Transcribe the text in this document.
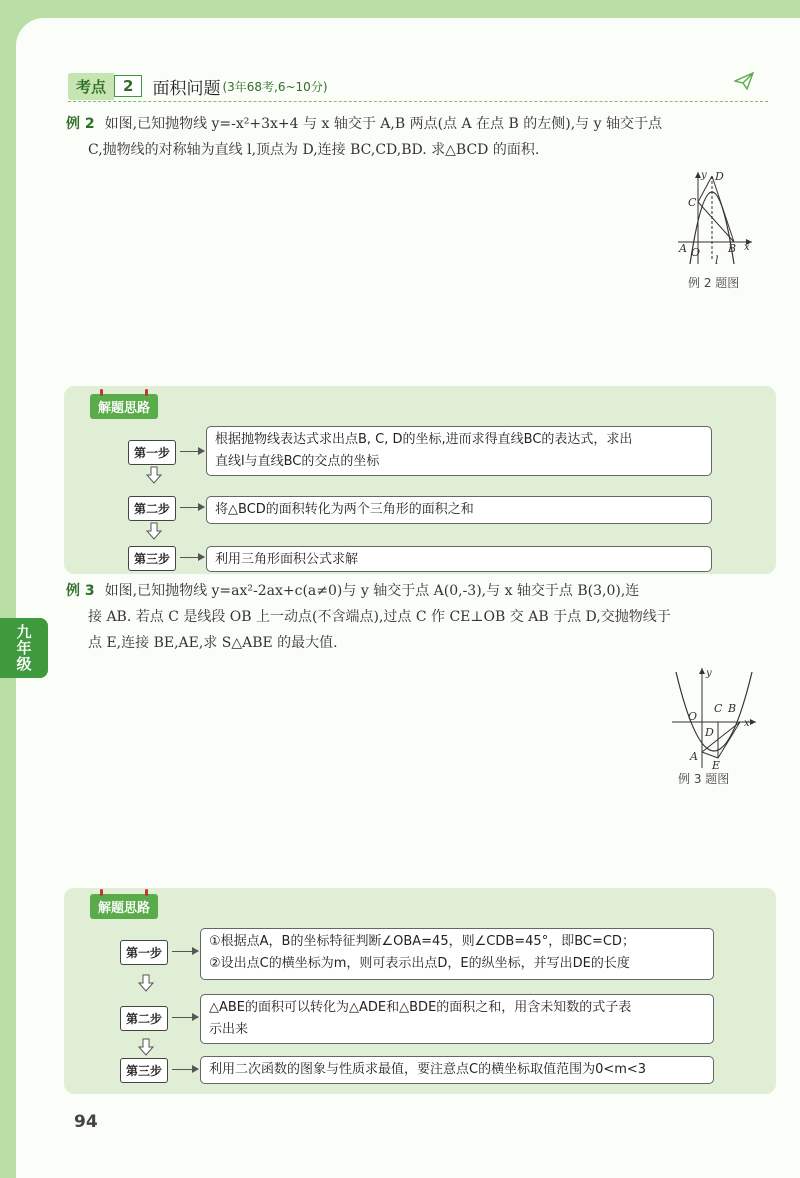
九年级
考点	2	面积问题 (3年68考,6~10分)
例 2 如图,已知抛物线 y=-x²+3x+4 与 x 轴交于 A,B 两点(点 A 在点 B 的左侧),与 y 轴交于点
C,抛物线的对称轴为直线 l,顶点为 D,连接 BC,CD,BD. 求△BCD 的面积.
y D
C
A O	B x
l
例 2 题图
解题思路
第一步
根据抛物线表达式求出点B, C, D的坐标,进而求得直线BC的表达式，求出
直线l与直线BC的交点的坐标
第二步	将△BCD的面积转化为两个三角形的面积之和
第三步	利用三角形面积公式求解
例 3 如图,已知抛物线 y=ax²-2ax+c(a≠0)与 y 轴交于点 A(0,-3),与 x 轴交于点 B(3,0),连
接 AB. 若点 C 是线段 OB 上一动点(不含端点),过点 C 作 CE⊥OB 交 AB 于点 D,交抛物线于
点 E,连接 BE,AE,求 S△ABE 的最大值.
y
O
C B
x
D
A
E
例 3 题图
解题思路
第一步
①根据点A，B的坐标特征判断∠OBA=45，则∠CDB=45°，即BC=CD；
②设出点C的横坐标为m，则可表示出点D，E的纵坐标，并写出DE的长度
第二步
△ABE的面积可以转化为△ADE和△BDE的面积之和，用含未知数的式子表
示出来
第三步	利用二次函数的图象与性质求最值，要注意点C的横坐标取值范围为0<m<3
94
